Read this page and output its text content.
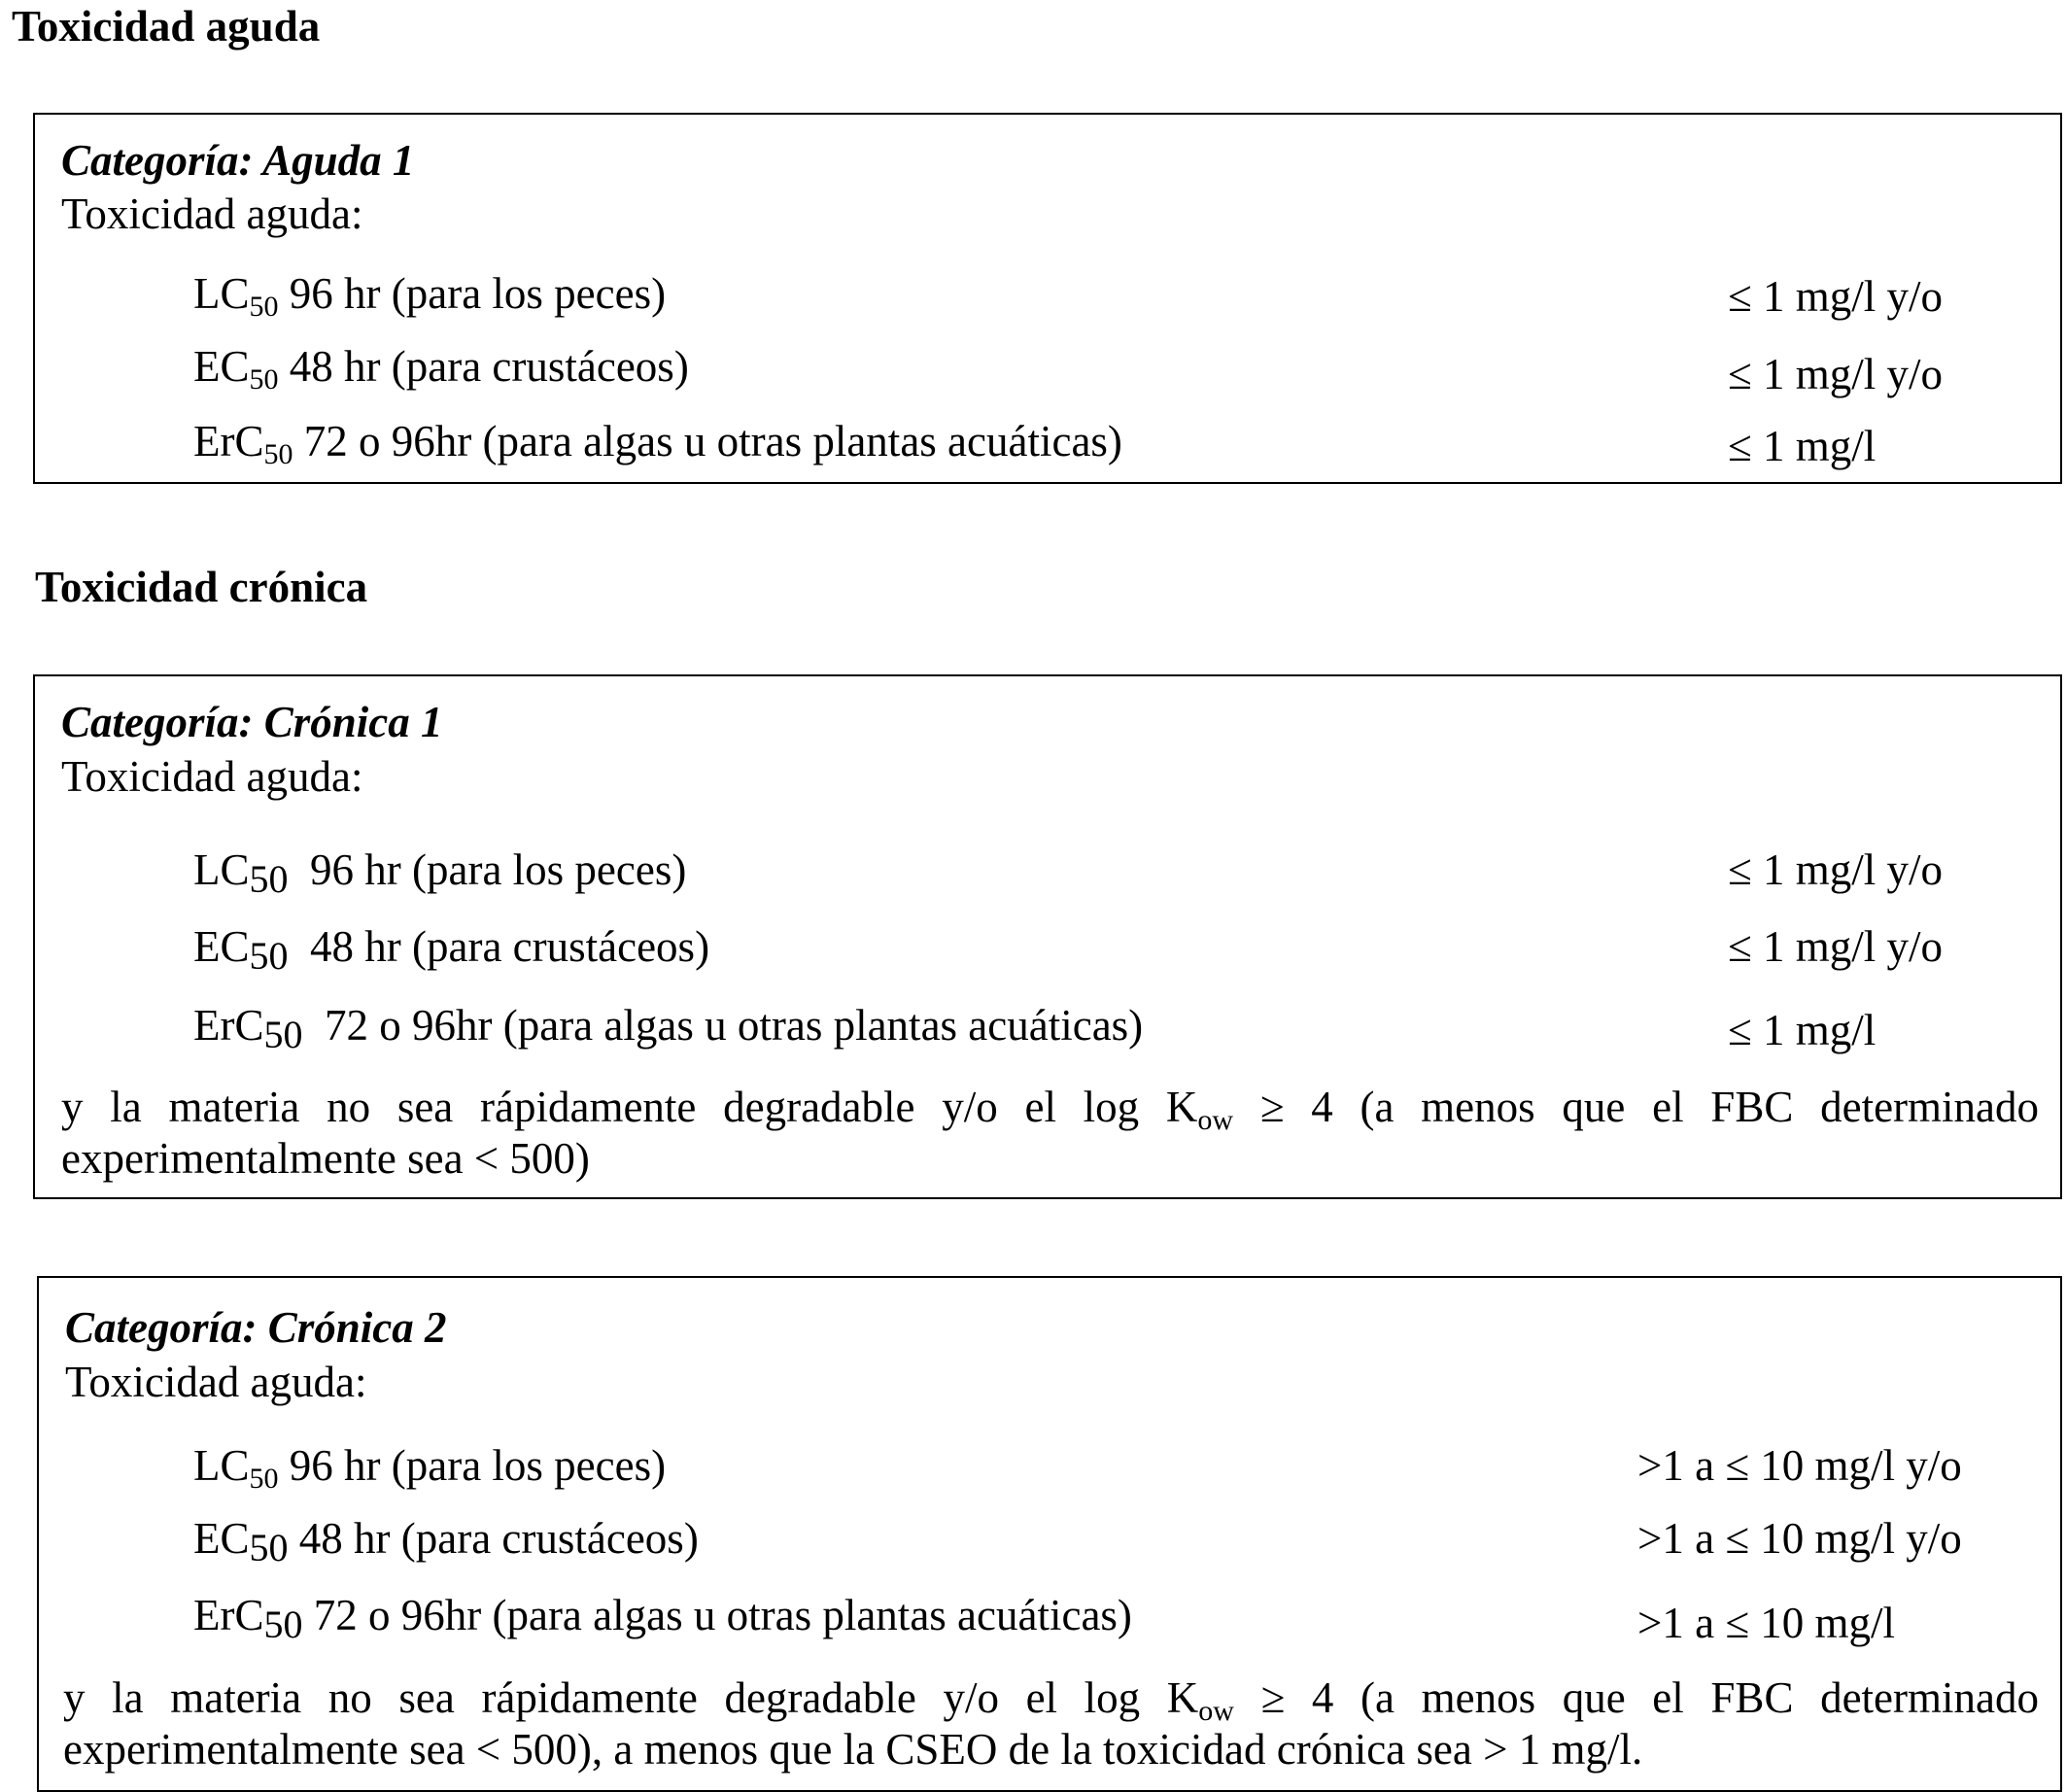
Toxicidad aguda
Categoría: Aguda 1
Toxicidad aguda:
$LC_{50}$ 96 hr (para los peces)	≤ 1 mg/l y/o
$EC_{50}$ 48 hr (para crustáceos)	≤ 1 mg/l y/o
ErC$_{50}$ 72 o 96hr (para algas u otras plantas acuáticas)	≤ 1 mg/l
Toxicidad crónica
Categoría: Crónica 1
Toxicidad aguda:
LC50  96 hr (para los peces)	≤ 1 mg/l y/o
EC50  48 hr (para crustáceos)	≤ 1 mg/l y/o
ErC50  72 o 96hr (para algas u otras plantas acuáticas)	≤ 1 mg/l
y la materia no sea rápidamente degradable y/o el $\log K_{ow} \ge 4$ (a menos que el FBC determinado
experimentalmente sea < 500)
Categoría: Crónica 2
Toxicidad aguda:
$LC_{50}$ 96 hr (para los peces)	>1 a ≤ 10 mg/l y/o
EC50 48 hr (para crustáceos)	>1 a ≤ 10 mg/l y/o
ErC50 72 o 96hr (para algas u otras plantas acuáticas)	>1 a ≤ 10 mg/l
y la materia no sea rápidamente degradable y/o el $\log K_{ow} \ge 4$ (a menos que el FBC determinado
experimentalmente sea < 500), a menos que la CSEO de la toxicidad crónica sea > 1 mg/l.
